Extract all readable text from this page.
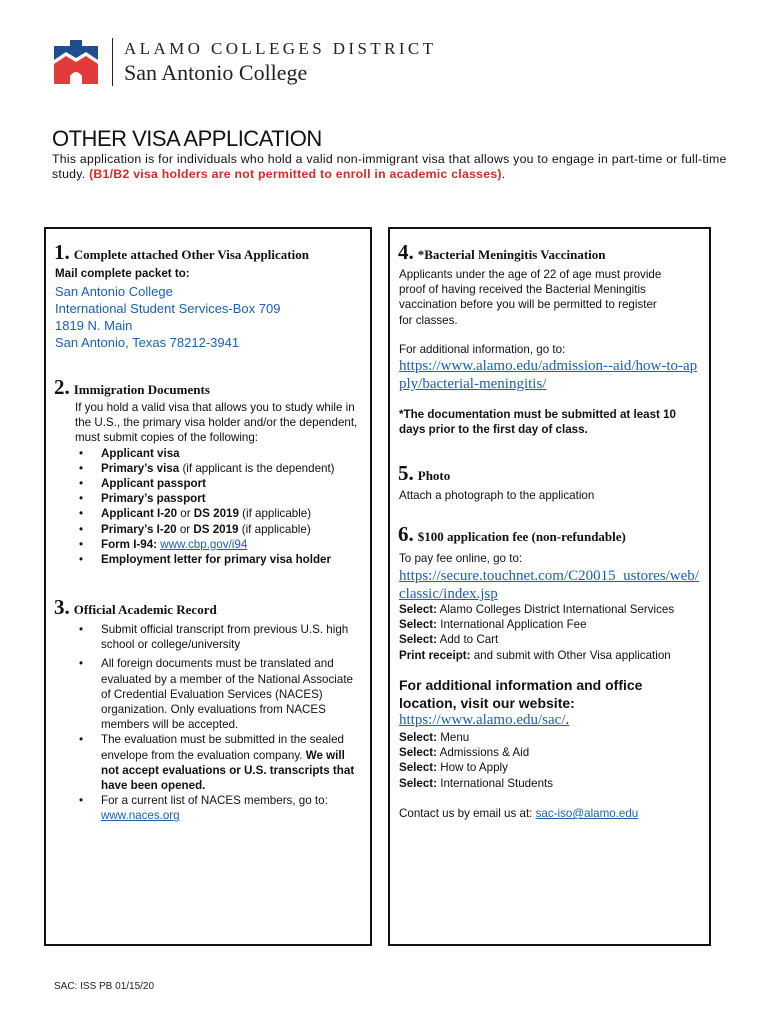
ALAMO COLLEGES DISTRICT
San Antonio College
OTHER VISA APPLICATION
This application is for individuals who hold a valid non-immigrant visa that allows you to engage in part-time or full-time study. (B1/B2 visa holders are not permitted to enroll in academic classes).
1. Complete attached Other Visa Application
Mail complete packet to:
San Antonio College
International Student Services-Box 709
1819 N. Main
San Antonio, Texas 78212-3941
2. Immigration Documents
If you hold a valid visa that allows you to study while in the U.S., the primary visa holder and/or the dependent, must submit copies of the following:
• Applicant visa
• Primary’s visa (if applicant is the dependent)
• Applicant passport
• Primary’s passport
• Applicant I-20 or DS 2019 (if applicable)
• Primary’s I-20 or DS 2019 (if applicable)
• Form I-94: www.cbp.gov/i94
• Employment letter for primary visa holder
3. Official Academic Record
• Submit official transcript from previous U.S. high school or college/university
• All foreign documents must be translated and evaluated by a member of the National Associate of Credential Evaluation Services (NACES) organization. Only evaluations from NACES members will be accepted.
• The evaluation must be submitted in the sealed envelope from the evaluation company. We will not accept evaluations or U.S. transcripts that have been opened.
• For a current list of NACES members, go to: www.naces.org
4. *Bacterial Meningitis Vaccination
Applicants under the age of 22 of age must provide proof of having received the Bacterial Meningitis vaccination before you will be permitted to register for classes.
For additional information, go to:
https://www.alamo.edu/admission--aid/how-to-apply/bacterial-meningitis/
*The documentation must be submitted at least 10 days prior to the first day of class.
5. Photo
Attach a photograph to the application
6. $100 application fee (non-refundable)
To pay fee online, go to:
https://secure.touchnet.com/C20015_ustores/web/classic/index.jsp
Select: Alamo Colleges District International Services
Select: International Application Fee
Select: Add to Cart
Print receipt: and submit with Other Visa application
For additional information and office location, visit our website:
https://www.alamo.edu/sac/.
Select: Menu
Select: Admissions & Aid
Select: How to Apply
Select: International Students
Contact us by email us at: sac-iso@alamo.edu
SAC: ISS PB 01/15/20
